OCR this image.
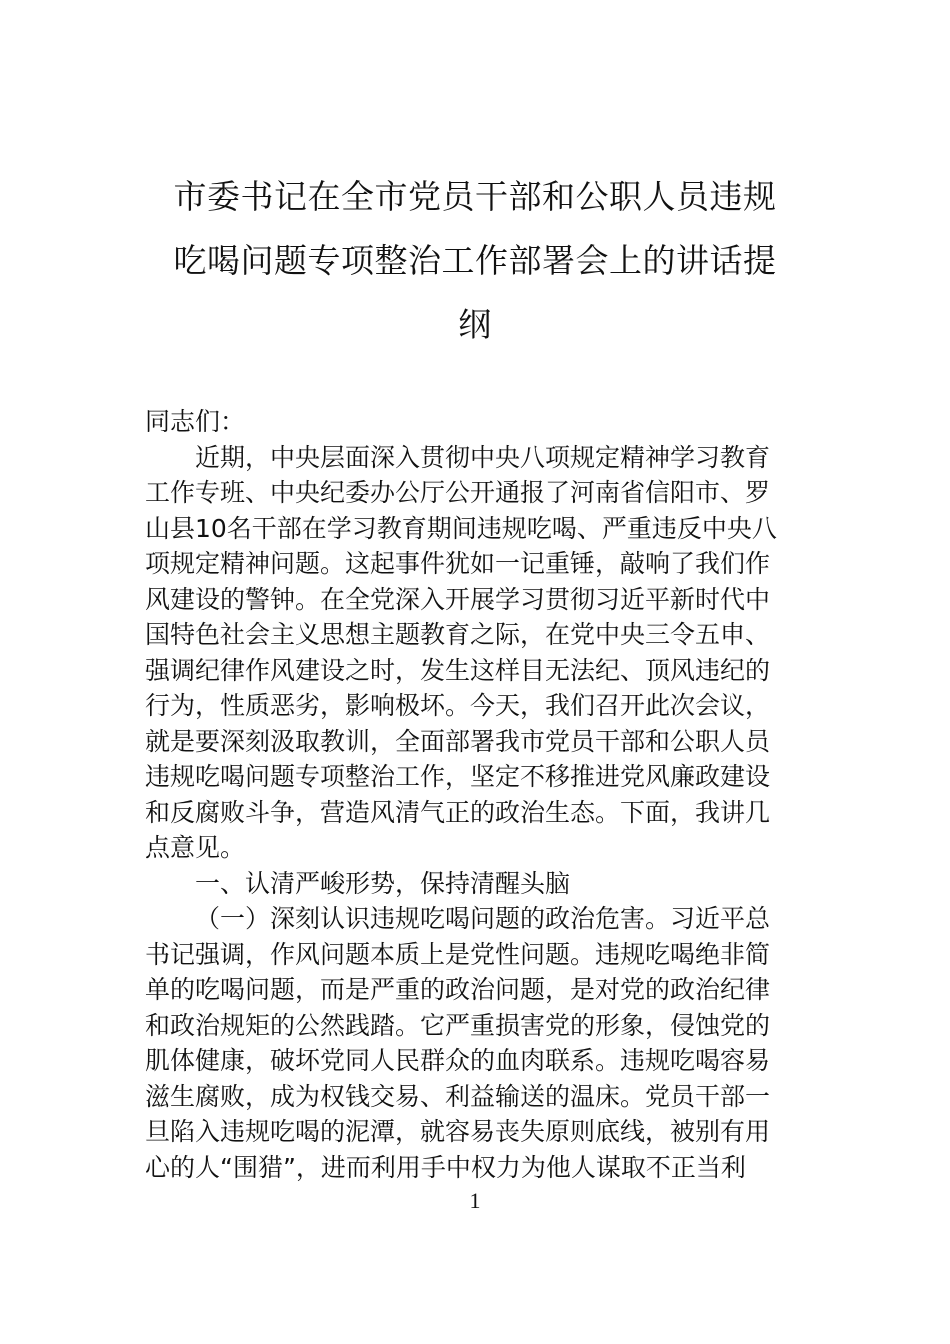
市委书记在全市党员干部和公职人员违规
吃喝问题专项整治工作部署会上的讲话提
纲
同志们：
近期，中央层面深入贯彻中央八项规定精神学习教育
工作专班、中央纪委办公厅公开通报了河南省信阳市、罗
山县10名干部在学习教育期间违规吃喝、严重违反中央八
项规定精神问题。这起事件犹如一记重锤，敲响了我们作
风建设的警钟。在全党深入开展学习贯彻习近平新时代中
国特色社会主义思想主题教育之际，在党中央三令五申、
强调纪律作风建设之时，发生这样目无法纪、顶风违纪的
行为，性质恶劣，影响极坏。今天，我们召开此次会议，
就是要深刻汲取教训，全面部署我市党员干部和公职人员
违规吃喝问题专项整治工作，坚定不移推进党风廉政建设
和反腐败斗争，营造风清气正的政治生态。下面，我讲几
点意见。
一、认清严峻形势，保持清醒头脑
（一）深刻认识违规吃喝问题的政治危害。习近平总
书记强调，作风问题本质上是党性问题。违规吃喝绝非简
单的吃喝问题，而是严重的政治问题，是对党的政治纪律
和政治规矩的公然践踏。它严重损害党的形象，侵蚀党的
肌体健康，破坏党同人民群众的血肉联系。违规吃喝容易
滋生腐败，成为权钱交易、利益输送的温床。党员干部一
旦陷入违规吃喝的泥潭，就容易丧失原则底线，被别有用
心的人“围猎”，进而利用手中权力为他人谋取不正当利
1
